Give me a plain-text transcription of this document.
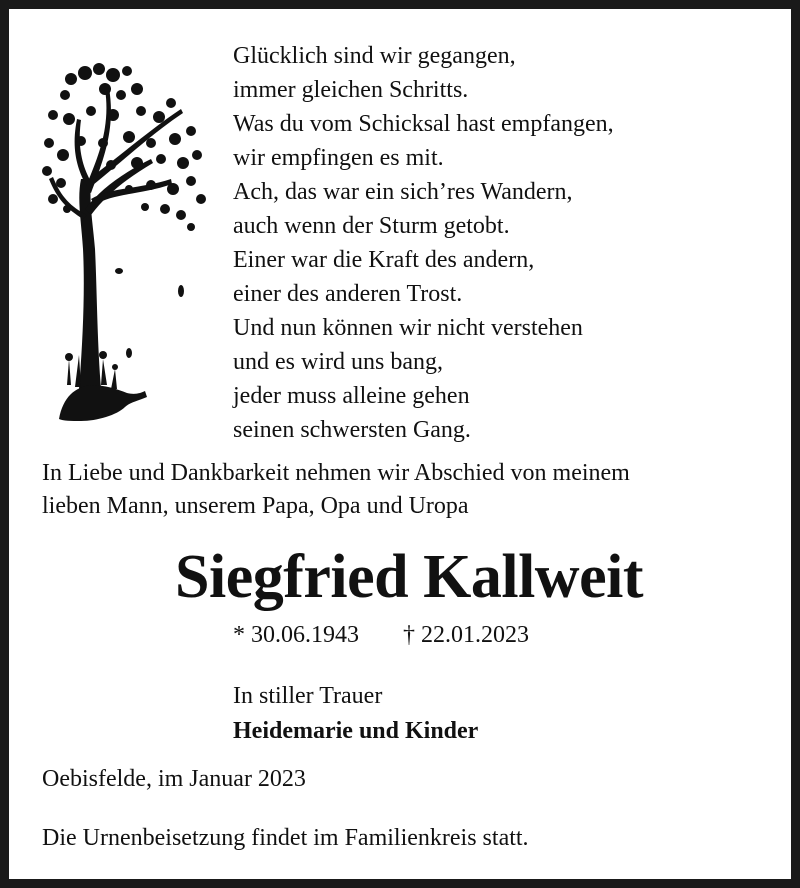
Glücklich sind wir gegangen,
immer gleichen Schritts.
Was du vom Schicksal hast empfangen,
wir empfingen es mit.
Ach, das war ein sich’res Wandern,
auch wenn der Sturm getobt.
Einer war die Kraft des andern,
einer des anderen Trost.
Und nun können wir nicht verstehen
und es wird uns bang,
jeder muss alleine gehen
seinen schwersten Gang.
In Liebe und Dankbarkeit nehmen wir Abschied von meinem
lieben Mann, unserem Papa, Opa und Uropa
Siegfried Kallweit
* 30.06.1943 † 22.01.2023
In stiller Trauer
Heidemarie und Kinder
Oebisfelde, im Januar 2023
Die Urnenbeisetzung findet im Familienkreis statt.
